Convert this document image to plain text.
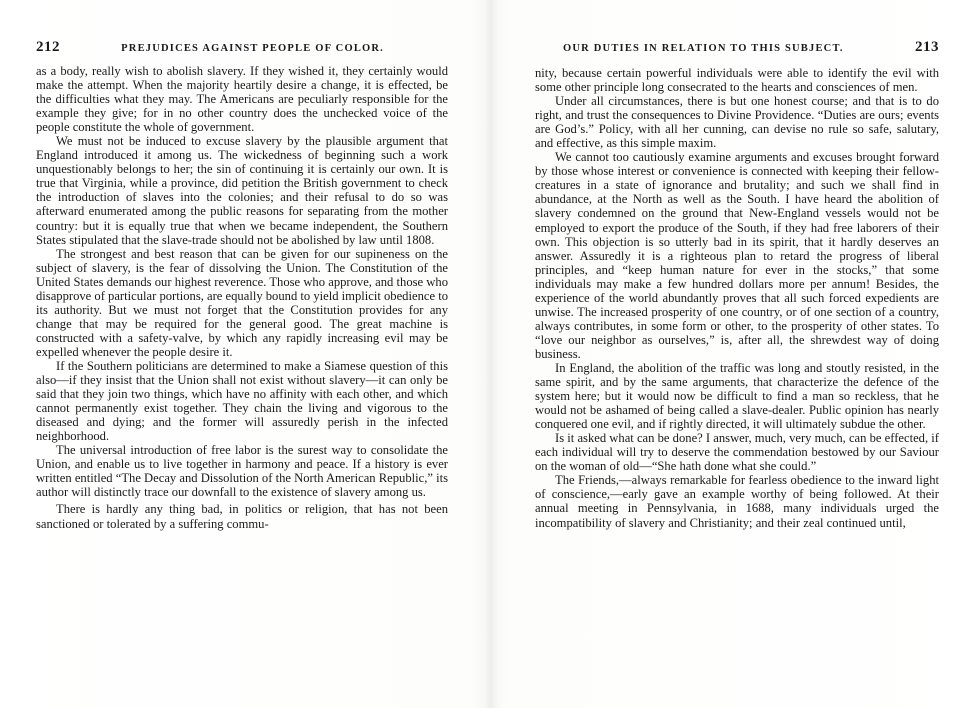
212	PREJUDICES AGAINST PEOPLE OF COLOR.

as a body, really wish to abolish slavery. If they wished it, they certainly would make the attempt. When the majority heartily desire a change, it is effected, be the difficulties what they may. The Americans are peculiarly responsible for the example they give; for in no other country does the unchecked voice of the people constitute the whole of government.

We must not be induced to excuse slavery by the plausible argument that England introduced it among us. The wickedness of beginning such a work unquestionably belongs to her; the sin of continuing it is certainly our own. It is true that Virginia, while a province, did petition the British government to check the introduction of slaves into the colonies; and their refusal to do so was afterward enumerated among the public reasons for separating from the mother country: but it is equally true that when we became independent, the Southern States stipulated that the slave-trade should not be abolished by law until 1808.

The strongest and best reason that can be given for our supineness on the subject of slavery, is the fear of dissolving the Union. The Constitution of the United States demands our highest reverence. Those who approve, and those who disapprove of particular portions, are equally bound to yield implicit obedience to its authority. But we must not forget that the Constitution provides for any change that may be required for the general good. The great machine is constructed with a safety-valve, by which any rapidly increasing evil may be expelled whenever the people desire it.

If the Southern politicians are determined to make a Siamese question of this also—if they insist that the Union shall not exist without slavery—it can only be said that they join two things, which have no affinity with each other, and which cannot permanently exist together. They chain the living and vigorous to the diseased and dying; and the former will assuredly perish in the infected neighborhood.

The universal introduction of free labor is the surest way to consolidate the Union, and enable us to live together in harmony and peace. If a history is ever written entitled “The Decay and Dissolution of the North American Republic,” its author will distinctly trace our downfall to the existence of slavery among us.

There is hardly any thing bad, in politics or religion, that has not been sanctioned or tolerated by a suffering commu-

OUR DUTIES IN RELATION TO THIS SUBJECT.	213

nity, because certain powerful individuals were able to identify the evil with some other principle long consecrated to the hearts and consciences of men.

Under all circumstances, there is but one honest course; and that is to do right, and trust the consequences to Divine Providence. “Duties are ours; events are God’s.” Policy, with all her cunning, can devise no rule so safe, salutary, and effective, as this simple maxim.

We cannot too cautiously examine arguments and excuses brought forward by those whose interest or convenience is connected with keeping their fellow-creatures in a state of ignorance and brutality; and such we shall find in abundance, at the North as well as the South. I have heard the abolition of slavery condemned on the ground that New-England vessels would not be employed to export the produce of the South, if they had free laborers of their own. This objection is so utterly bad in its spirit, that it hardly deserves an answer. Assuredly it is a righteous plan to retard the progress of liberal principles, and “keep human nature for ever in the stocks,” that some individuals may make a few hundred dollars more per annum! Besides, the experience of the world abundantly proves that all such forced expedients are unwise. The increased prosperity of one country, or of one section of a country, always contributes, in some form or other, to the prosperity of other states. To “love our neighbor as ourselves,” is, after all, the shrewdest way of doing business.

In England, the abolition of the traffic was long and stoutly resisted, in the same spirit, and by the same arguments, that characterize the defence of the system here; but it would now be difficult to find a man so reckless, that he would not be ashamed of being called a slave-dealer. Public opinion has nearly conquered one evil, and if rightly directed, it will ultimately subdue the other.

Is it asked what can be done? I answer, much, very much, can be effected, if each individual will try to deserve the commendation bestowed by our Saviour on the woman of old—“She hath done what she could.”

The Friends,—always remarkable for fearless obedience to the inward light of conscience,—early gave an example worthy of being followed. At their annual meeting in Pennsylvania, in 1688, many individuals urged the incompatibility of slavery and Christianity; and their zeal continued until,
